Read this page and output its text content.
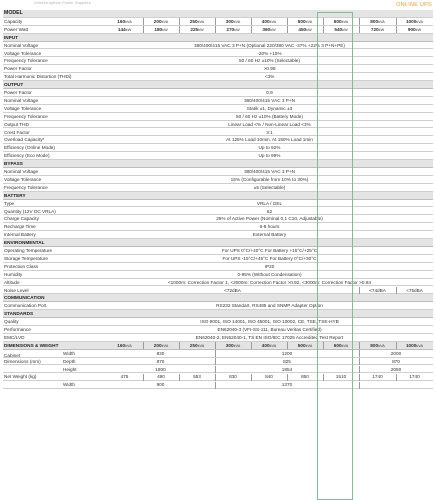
Uninterruptible Power Supplies	ONLINE UPS
MODEL
Capacity	160kVA	200kVA	250kVA	300kVA	400kVA	500kVA	600kVA	800kVA	1000kVA
Power Watt	144kW	180kW	225kW	270kW	360kW	450kW	540kW	720kW	900kW
INPUT
Nominal Voltage	380/400/415 VAC 3 P+N (Optional 220/380 VAC -37% +22% 3 P+N+PE)
Voltage Tolerance	-20% +15%
Frequency Tolerance	50 / 60 Hz ±10% (Selectable)
Power Factor	>0.99
Total Harmonic Distortion (THDi)	<3%
OUTPUT
Power Factor	0.9
Nominal Voltage	380/400/415 VAC 3 P+N
Voltage Tolerance	Statik ±1, Dynamic ±3
Frequency Tolerance	50 / 60 Hz ±10% (Battery Mode)
Output THD	Linear Load <% / Non-Linear Load <3%
Crest Factor	3:1
Overload Capacity*	At 125% Load 10min, At 150% Load 1min
Efficiency (Online Mode)	Up to 92%
Efficiency (Eco Mode)	Up to 99%
BYPASS
Nominal Voltage	380/400/415 VAC 3 P+N
Voltage Tolerance	15% (Configurable from 10% to 30%)
Frequency Tolerance	±5 (Selectable)
BATTERY
Type	VRLA / GEL
Quantity (12V DC VRLA)	62
Charge Capacity	25% of Active Power (Nominal 0,1 C10, Adjustable)
Recharge Time	6-8 hours
Internal Battery	External Battery
ENVIRONMENTAL
Operating Temperature	For UPS 0°C/+40°C For Battery +15°C/+25°C
Storage Temperature	For UPS -15°C/+45°C For Battery 0°C/+30°C
Protection Class	IP20
Humidity	0-95% (Without Condensation)
Altitude	<1000m: Correction Factor 1, <2000m: Correction Factor >0.92, <3000m: Correction Factor >0.84
Noise Level	<72dBA	<74dBA	<75dBA
COMMUNICATION
Communication Port	RS232 Standart, RS485 and SNMP Adapter Option
STANDARDS
Quality	ISO 9001, ISO 14001, ISO 45001, ISO 10002, CE, TSE, TSE-HYB
Performance	EN62040-3 (VFI-SS-111, Bureau Veritas Certified)
EMC/LVD	EN62040-2, EN62040-1, TS EN ISO/IEC 17025 Accredited Test Report
DIMENSIONS & WEIGHT	160kVA	200kVA	250kVA	300kVA	400kVA	500kVA	600kVA	800kVA	1000kVA
Cabinet	Width	830	1200	2000
Dimensions (mm)	Depth	870	825	870
Height	1800	1854	2050
Net Weight (kg)	475	490	553	830	840	850	1510	1740	1740
Width	900	1370
